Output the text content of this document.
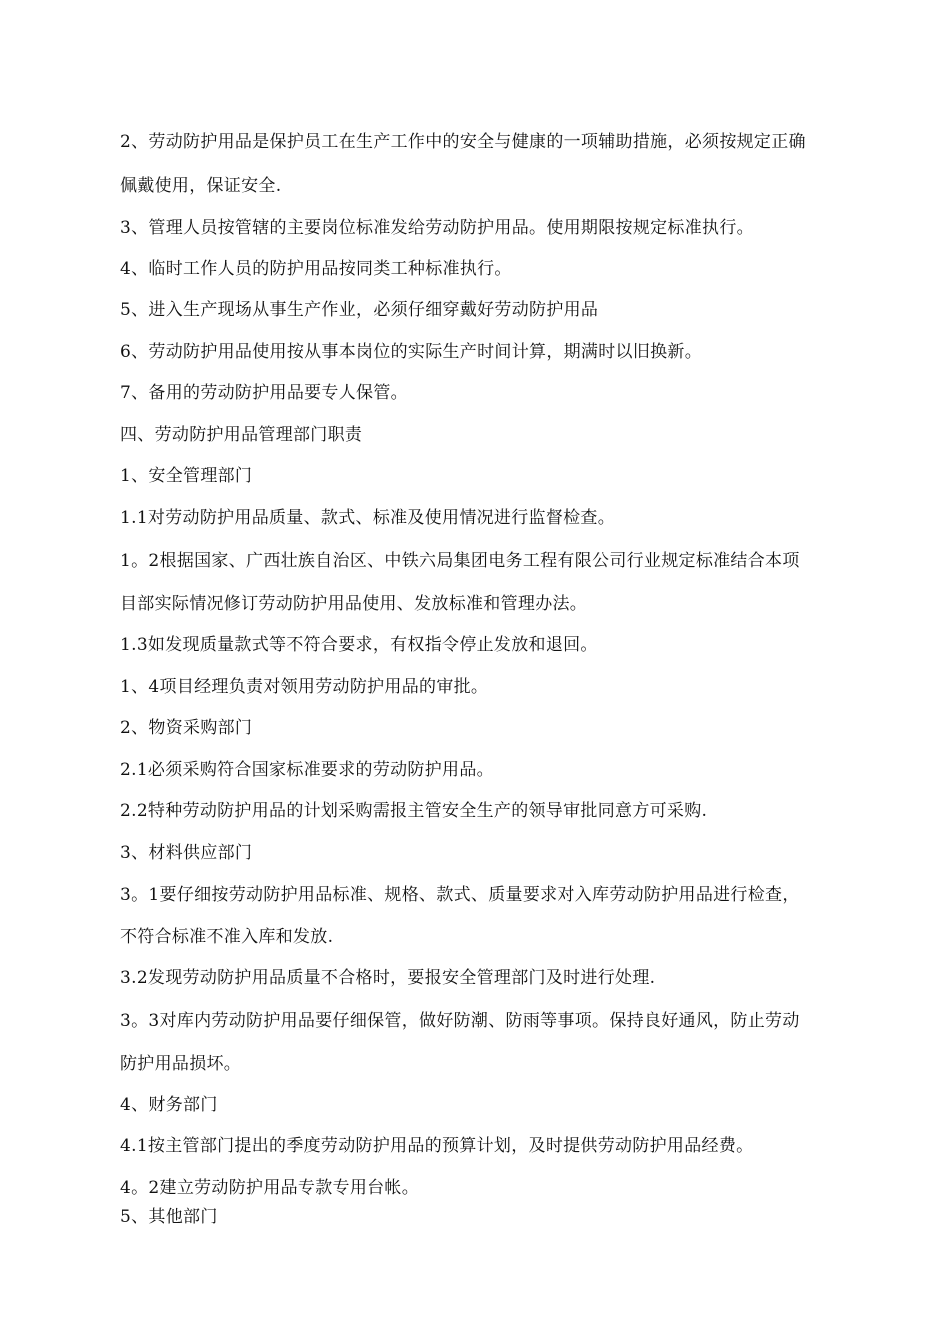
2、劳动防护用品是保护员工在生产工作中的安全与健康的一项辅助措施，必须按规定正确
佩戴使用，保证安全.
3、管理人员按管辖的主要岗位标准发给劳动防护用品。使用期限按规定标准执行。
4、临时工作人员的防护用品按同类工种标准执行。
5、进入生产现场从事生产作业，必须仔细穿戴好劳动防护用品
6、劳动防护用品使用按从事本岗位的实际生产时间计算，期满时以旧换新。
7、备用的劳动防护用品要专人保管。
四、劳动防护用品管理部门职责
1、安全管理部门
1.1对劳动防护用品质量、款式、标准及使用情况进行监督检查。
1。2根据国家、广西壮族自治区、中铁六局集团电务工程有限公司行业规定标准结合本项
目部实际情况修订劳动防护用品使用、发放标准和管理办法。
1.3如发现质量款式等不符合要求，有权指令停止发放和退回。
1、4项目经理负责对领用劳动防护用品的审批。
2、物资采购部门
2.1必须采购符合国家标准要求的劳动防护用品。
2.2特种劳动防护用品的计划采购需报主管安全生产的领导审批同意方可采购.
3、材料供应部门
3。1要仔细按劳动防护用品标准、规格、款式、质量要求对入库劳动防护用品进行检查，
不符合标准不准入库和发放.
3.2发现劳动防护用品质量不合格时，要报安全管理部门及时进行处理.
3。3对库内劳动防护用品要仔细保管，做好防潮、防雨等事项。保持良好通风，防止劳动
防护用品损坏。
4、财务部门
4.1按主管部门提出的季度劳动防护用品的预算计划，及时提供劳动防护用品经费。
4。2建立劳动防护用品专款专用台帐。
5、其他部门
